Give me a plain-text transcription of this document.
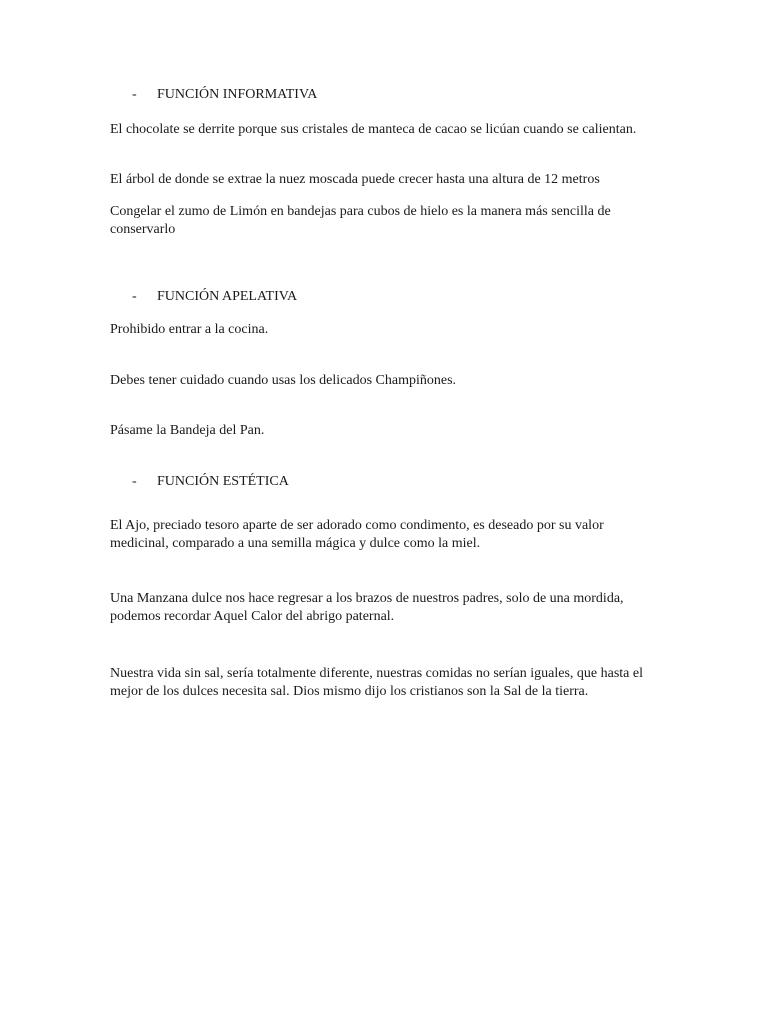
- FUNCIÓN INFORMATIVA

El chocolate se derrite porque sus cristales de manteca de cacao se licúan cuando se calientan.

El árbol de donde se extrae la nuez moscada puede crecer hasta una altura de 12 metros

Congelar el zumo de Limón en bandejas para cubos de hielo es la manera más sencilla de conservarlo

- FUNCIÓN APELATIVA

Prohibido entrar a la cocina.

Debes tener cuidado cuando usas los delicados Champiñones.

Pásame la Bandeja del Pan.

- FUNCIÓN ESTÉTICA

El Ajo, preciado tesoro aparte de ser adorado como condimento, es deseado por su valor medicinal, comparado a una semilla mágica y dulce como la miel.

Una Manzana dulce nos hace regresar a los brazos de nuestros padres, solo de una mordida, podemos recordar Aquel Calor del abrigo paternal.

Nuestra vida sin sal, sería totalmente diferente, nuestras comidas no serían iguales, que hasta el mejor de los dulces necesita sal. Dios mismo dijo los cristianos son la Sal de la tierra.
